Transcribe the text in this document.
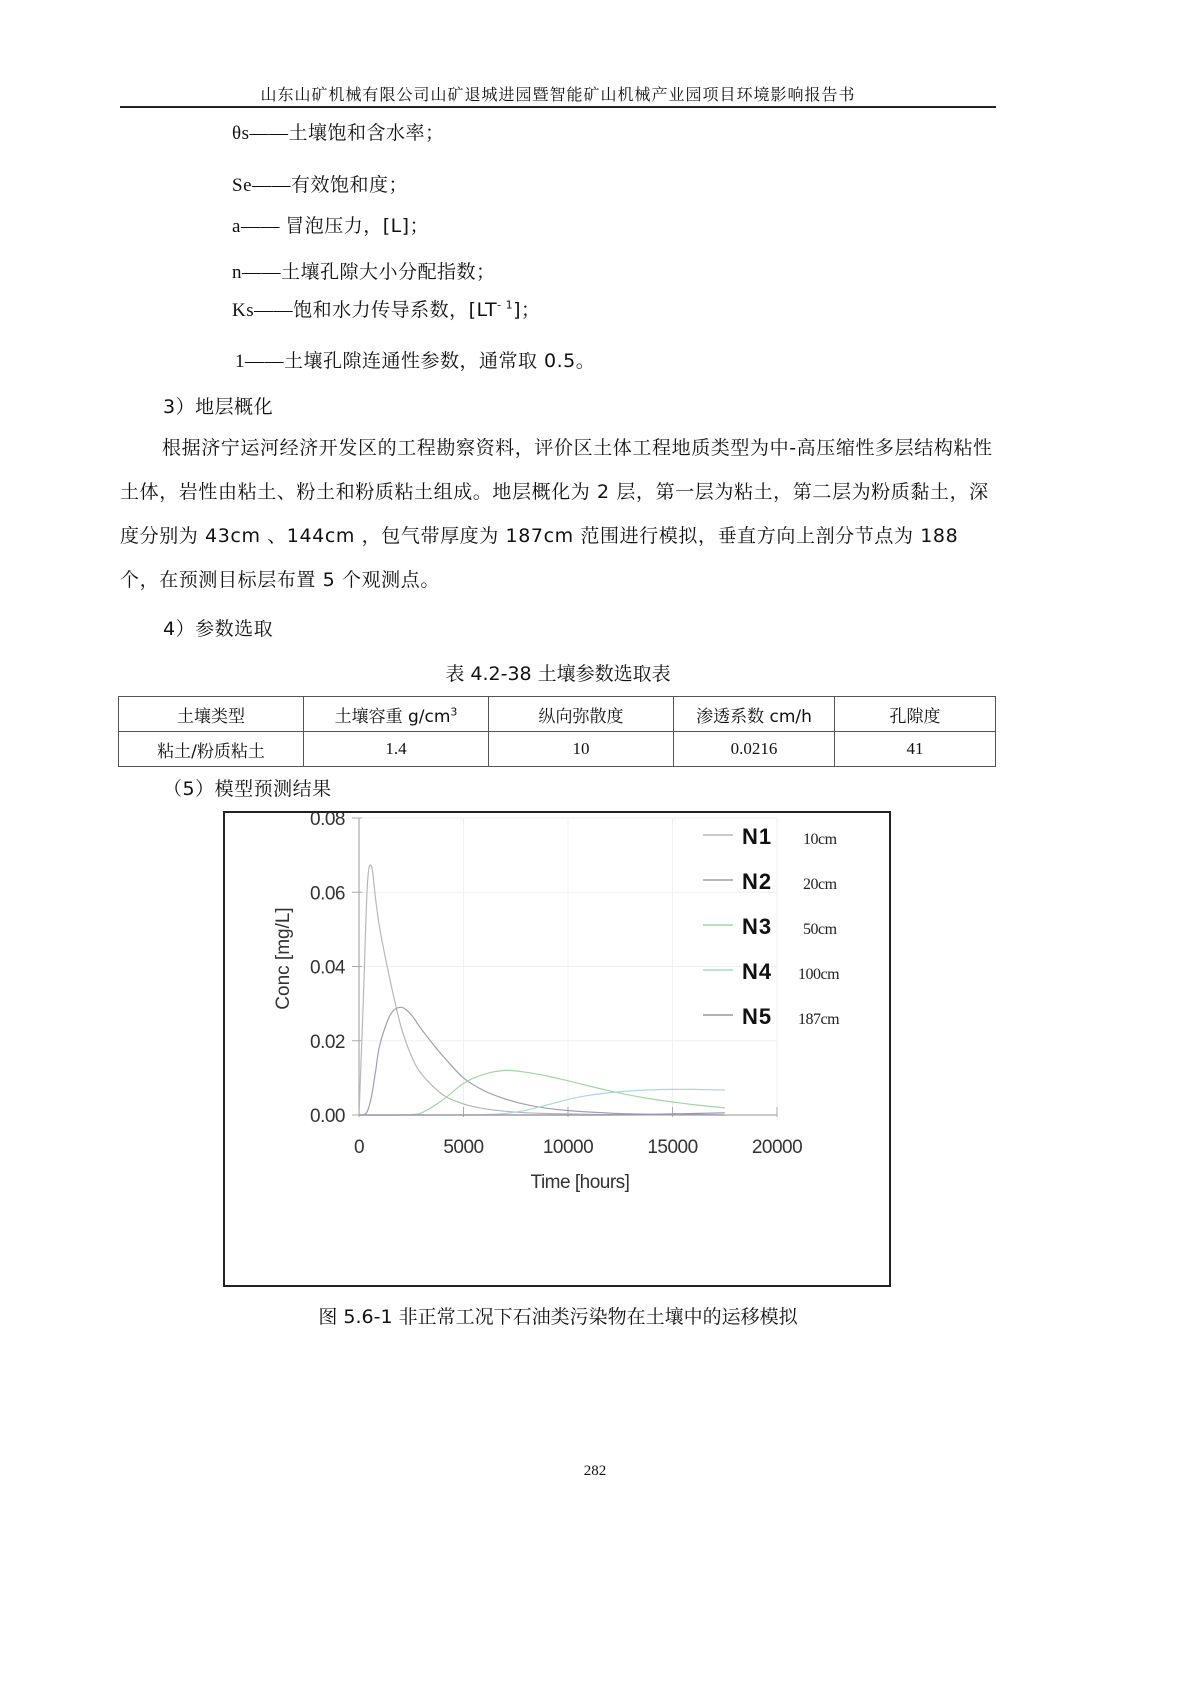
山东山矿机械有限公司山矿退城进园暨智能矿山机械产业园项目环境影响报告书
θs——土壤饱和含水率；
Se——有效饱和度；
a—— 冒泡压力，[L]；
n——土壤孔隙大小分配指数；
Ks——饱和水力传导系数，$[LT^{- 1}]$；
1——土壤孔隙连通性参数，通常取 0.5。
3）地层概化
根据济宁运河经济开发区的工程勘察资料，评价区土体工程地质类型为中-高压缩性多层结构粘性土体，岩性由粘土、粉土和粉质粘土组成。地层概化为 2 层，第一层为粘土，第二层为粉质黏土，深度分别为 43cm 、144cm ，包气带厚度为 187cm 范围进行模拟，垂直方向上剖分节点为 188 个，在预测目标层布置 5 个观测点。
4）参数选取
表 4.2-38 土壤参数选取表
土壤类型	土壤容重 $g/cm^3$	纵向弥散度	渗透系数 cm/h	孔隙度
粘土/粉质粘土	1.4	10	0.0216	41
（5）模型预测结果
0	5000	10000	15000	20000
0.00
0.02
0.04
0.06
0.08
N1 10cm
N2 20cm
N3 50cm
N4 100cm
N5 187cm
Time [hours]
Conc [mg/L]
图 5.6-1 非正常工况下石油类污染物在土壤中的运移模拟
282
